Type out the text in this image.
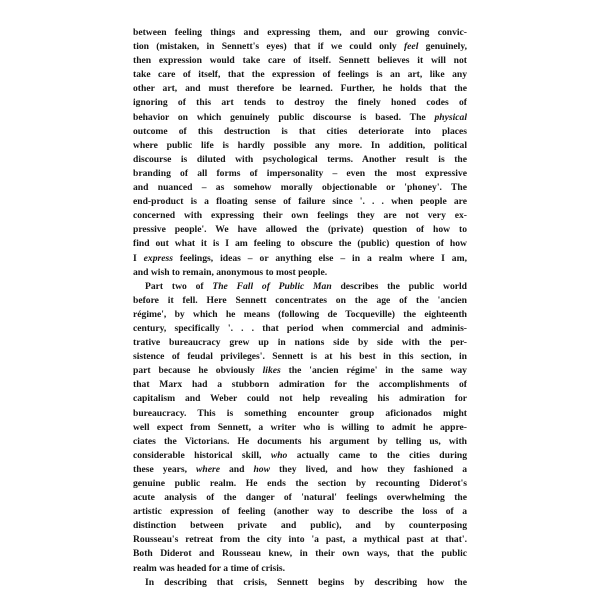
between feeling things and expressing them, and our growing convic-
tion (mistaken, in Sennett's eyes) that if we could only feel genuinely,
then expression would take care of itself. Sennett believes it will not
take care of itself, that the expression of feelings is an art, like any
other art, and must therefore be learned. Further, he holds that the
ignoring of this art tends to destroy the finely honed codes of
behavior on which genuinely public discourse is based. The physical
outcome of this destruction is that cities deteriorate into places
where public life is hardly possible any more. In addition, political
discourse is diluted with psychological terms. Another result is the
branding of all forms of impersonality – even the most expressive
and nuanced – as somehow morally objectionable or 'phoney'. The
end-product is a floating sense of failure since '. . . when people are
concerned with expressing their own feelings they are not very ex-
pressive people'. We have allowed the (private) question of how to
find out what it is I am feeling to obscure the (public) question of how
I express feelings, ideas – or anything else – in a realm where I am,
and wish to remain, anonymous to most people.
Part two of The Fall of Public Man describes the public world
before it fell. Here Sennett concentrates on the age of the 'ancien
régime', by which he means (following de Tocqueville) the eighteenth
century, specifically '. . . that period when commercial and adminis-
trative bureaucracy grew up in nations side by side with the per-
sistence of feudal privileges'. Sennett is at his best in this section, in
part because he obviously likes the 'ancien régime' in the same way
that Marx had a stubborn admiration for the accomplishments of
capitalism and Weber could not help revealing his admiration for
bureaucracy. This is something encounter group aficionados might
well expect from Sennett, a writer who is willing to admit he appre-
ciates the Victorians. He documents his argument by telling us, with
considerable historical skill, who actually came to the cities during
these years, where and how they lived, and how they fashioned a
genuine public realm. He ends the section by recounting Diderot's
acute analysis of the danger of 'natural' feelings overwhelming the
artistic expression of feeling (another way to describe the loss of a
distinction between private and public), and by counterposing
Rousseau's retreat from the city into 'a past, a mythical past at that'.
Both Diderot and Rousseau knew, in their own ways, that the public
realm was headed for a time of crisis.
In describing that crisis, Sennett begins by describing how the
